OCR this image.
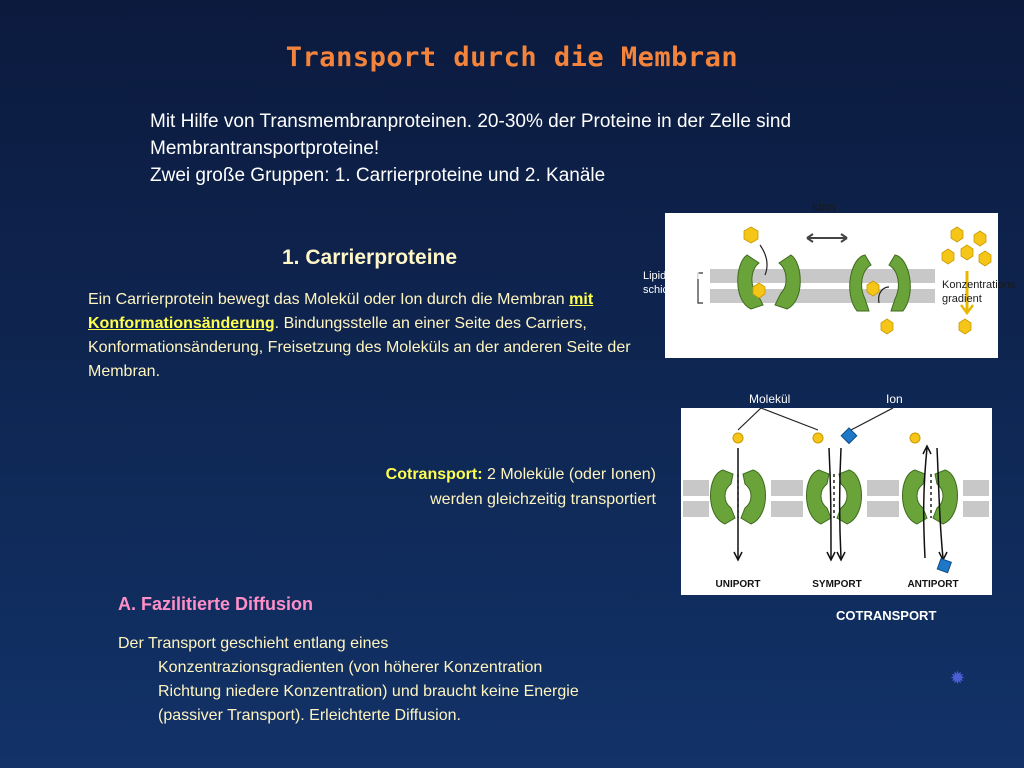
Transport durch die Membran
Mit Hilfe von Transmembranproteinen. 20-30% der Proteine in der Zelle sind
Membrantransportproteine!
Zwei große Gruppen: 1. Carrierproteine und 2. Kanäle
1. Carrierproteine
Ein Carrierprotein bewegt das Molekül oder Ion durch die Membran mit Konformationsänderung. Bindungsstelle an einer Seite des Carriers, Konformationsänderung, Freisetzung des Moleküls an der anderen Seite der Membran.
Cotransport: 2 Moleküle (oder Ionen)
werden gleichzeitig transportiert
A. Fazilitierte Diffusion
Der Transport geschieht entlang eines
Konzentrazionsgradienten (von höherer Konzentration
Richtung niedere Konzentration) und braucht keine Energie
(passiver Transport). Erleichterte Diffusion.
kinn
Lipiddoppel
schicht	Konzentrations
gradient
Molekül	Ion
UNIPORT	SYMPORT	ANTIPORT
COTRANSPORT
✹
